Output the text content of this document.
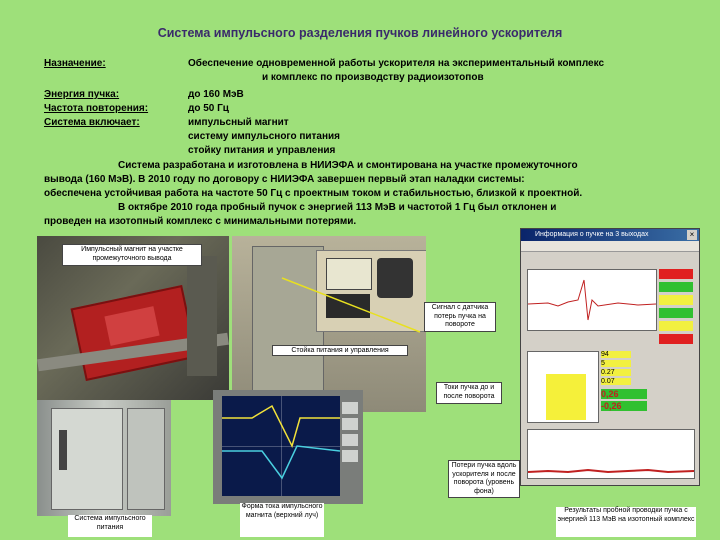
Система импульсного разделения пучков линейного ускорителя
Назначение:	Обеспечение одновременной работы ускорителя на экспериментальный комплекс
и комплекс по производству радиоизотопов
Энергия пучка:	до 160 МэВ
Частота повторения:	до 50 Гц
Система включает:	импульсный магнит
систему импульсного питания
стойку питания и управления
Система разработана и изготовлена в НИИЭФА и смонтирована на участке промежуточного
вывода (160 МэВ). В 2010 году по договору с НИИЭФА завершен первый этап наладки системы:
обеспечена устойчивая работа на частоте 50 Гц с проектным током и стабильностью, близкой к проектной.
В октябре 2010 года пробный пучок с энергией 113 МэВ и частотой 1 Гц был отклонен и
проведен на изотопный комплекс с минимальными потерями.
Импульсный магнит на участке промежуточного вывода
Система импульсного питания
Стойка питания и управления
Форма тока импульсного магнита (верхний луч)
Информация о пучке на 3 выходах	×
94
5
0.27
0.07
0,26
-0,26
Сигнал с датчика потерь пучка на повороте
Токи пучка до и после поворота
Потери пучка вдоль ускорителя и после поворота (уровень фона)
Результаты пробной проводки пучка с энергией 113 МэВ на изотопный комплекс
